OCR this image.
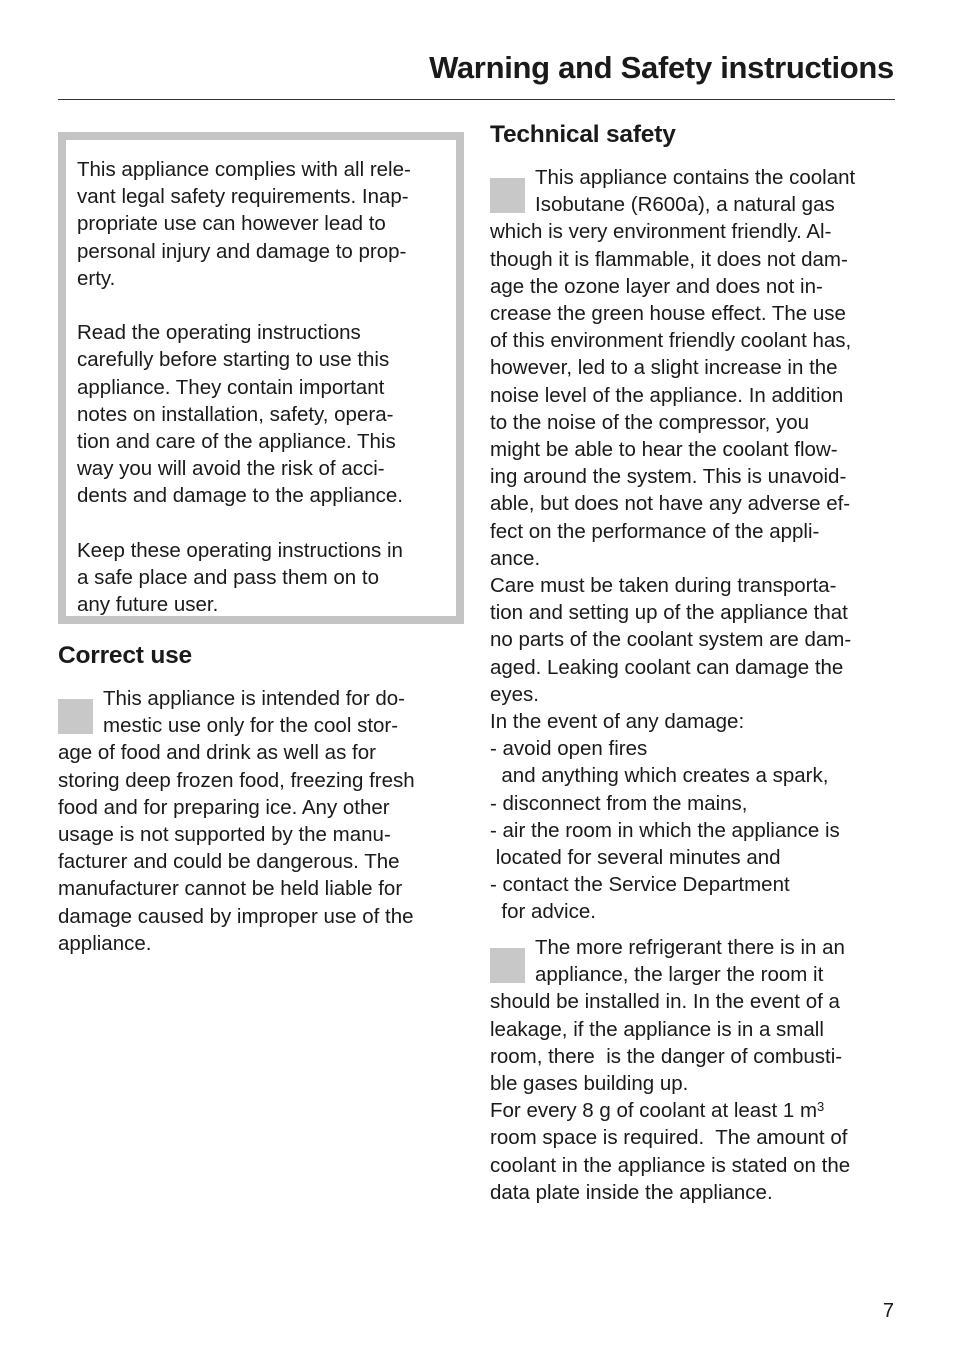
Warning and Safety instructions
This appliance complies with all rele-
vant legal safety requirements. Inap-
propriate use can however lead to
personal injury and damage to prop-
erty.
Read the operating instructions
carefully before starting to use this
appliance. They contain important
notes on installation, safety, opera-
tion and care of the appliance. This
way you will avoid the risk of acci-
dents and damage to the appliance.
Keep these operating instructions in
a safe place and pass them on to
any future user.
Correct use
This appliance is intended for do-
mestic use only for the cool stor-
age of food and drink as well as for
storing deep frozen food, freezing fresh
food and for preparing ice. Any other
usage is not supported by the manu-
facturer and could be dangerous. The
manufacturer cannot be held liable for
damage caused by improper use of the
appliance.
Technical safety
This appliance contains the coolant
Isobutane (R600a), a natural gas
which is very environment friendly. Al-
though it is flammable, it does not dam-
age the ozone layer and does not in-
crease the green house effect. The use
of this environment friendly coolant has,
however, led to a slight increase in the
noise level of the appliance. In addition
to the noise of the compressor, you
might be able to hear the coolant flow-
ing around the system. This is unavoid-
able, but does not have any adverse ef-
fect on the performance of the appli-
ance.
Care must be taken during transporta-
tion and setting up of the appliance that
no parts of the coolant system are dam-
aged. Leaking coolant can damage the
eyes.
In the event of any damage:
- avoid open fires
and anything which creates a spark,
- disconnect from the mains,
- air the room in which the appliance is
located for several minutes and
- contact the Service Department
for advice.
The more refrigerant there is in an
appliance, the larger the room it
should be installed in. In the event of a
leakage, if the appliance is in a small
room, there  is the danger of combusti-
ble gases building up.
For every 8 g of coolant at least 1 $m^3$
room space is required.  The amount of
coolant in the appliance is stated on the
data plate inside the appliance.
7
